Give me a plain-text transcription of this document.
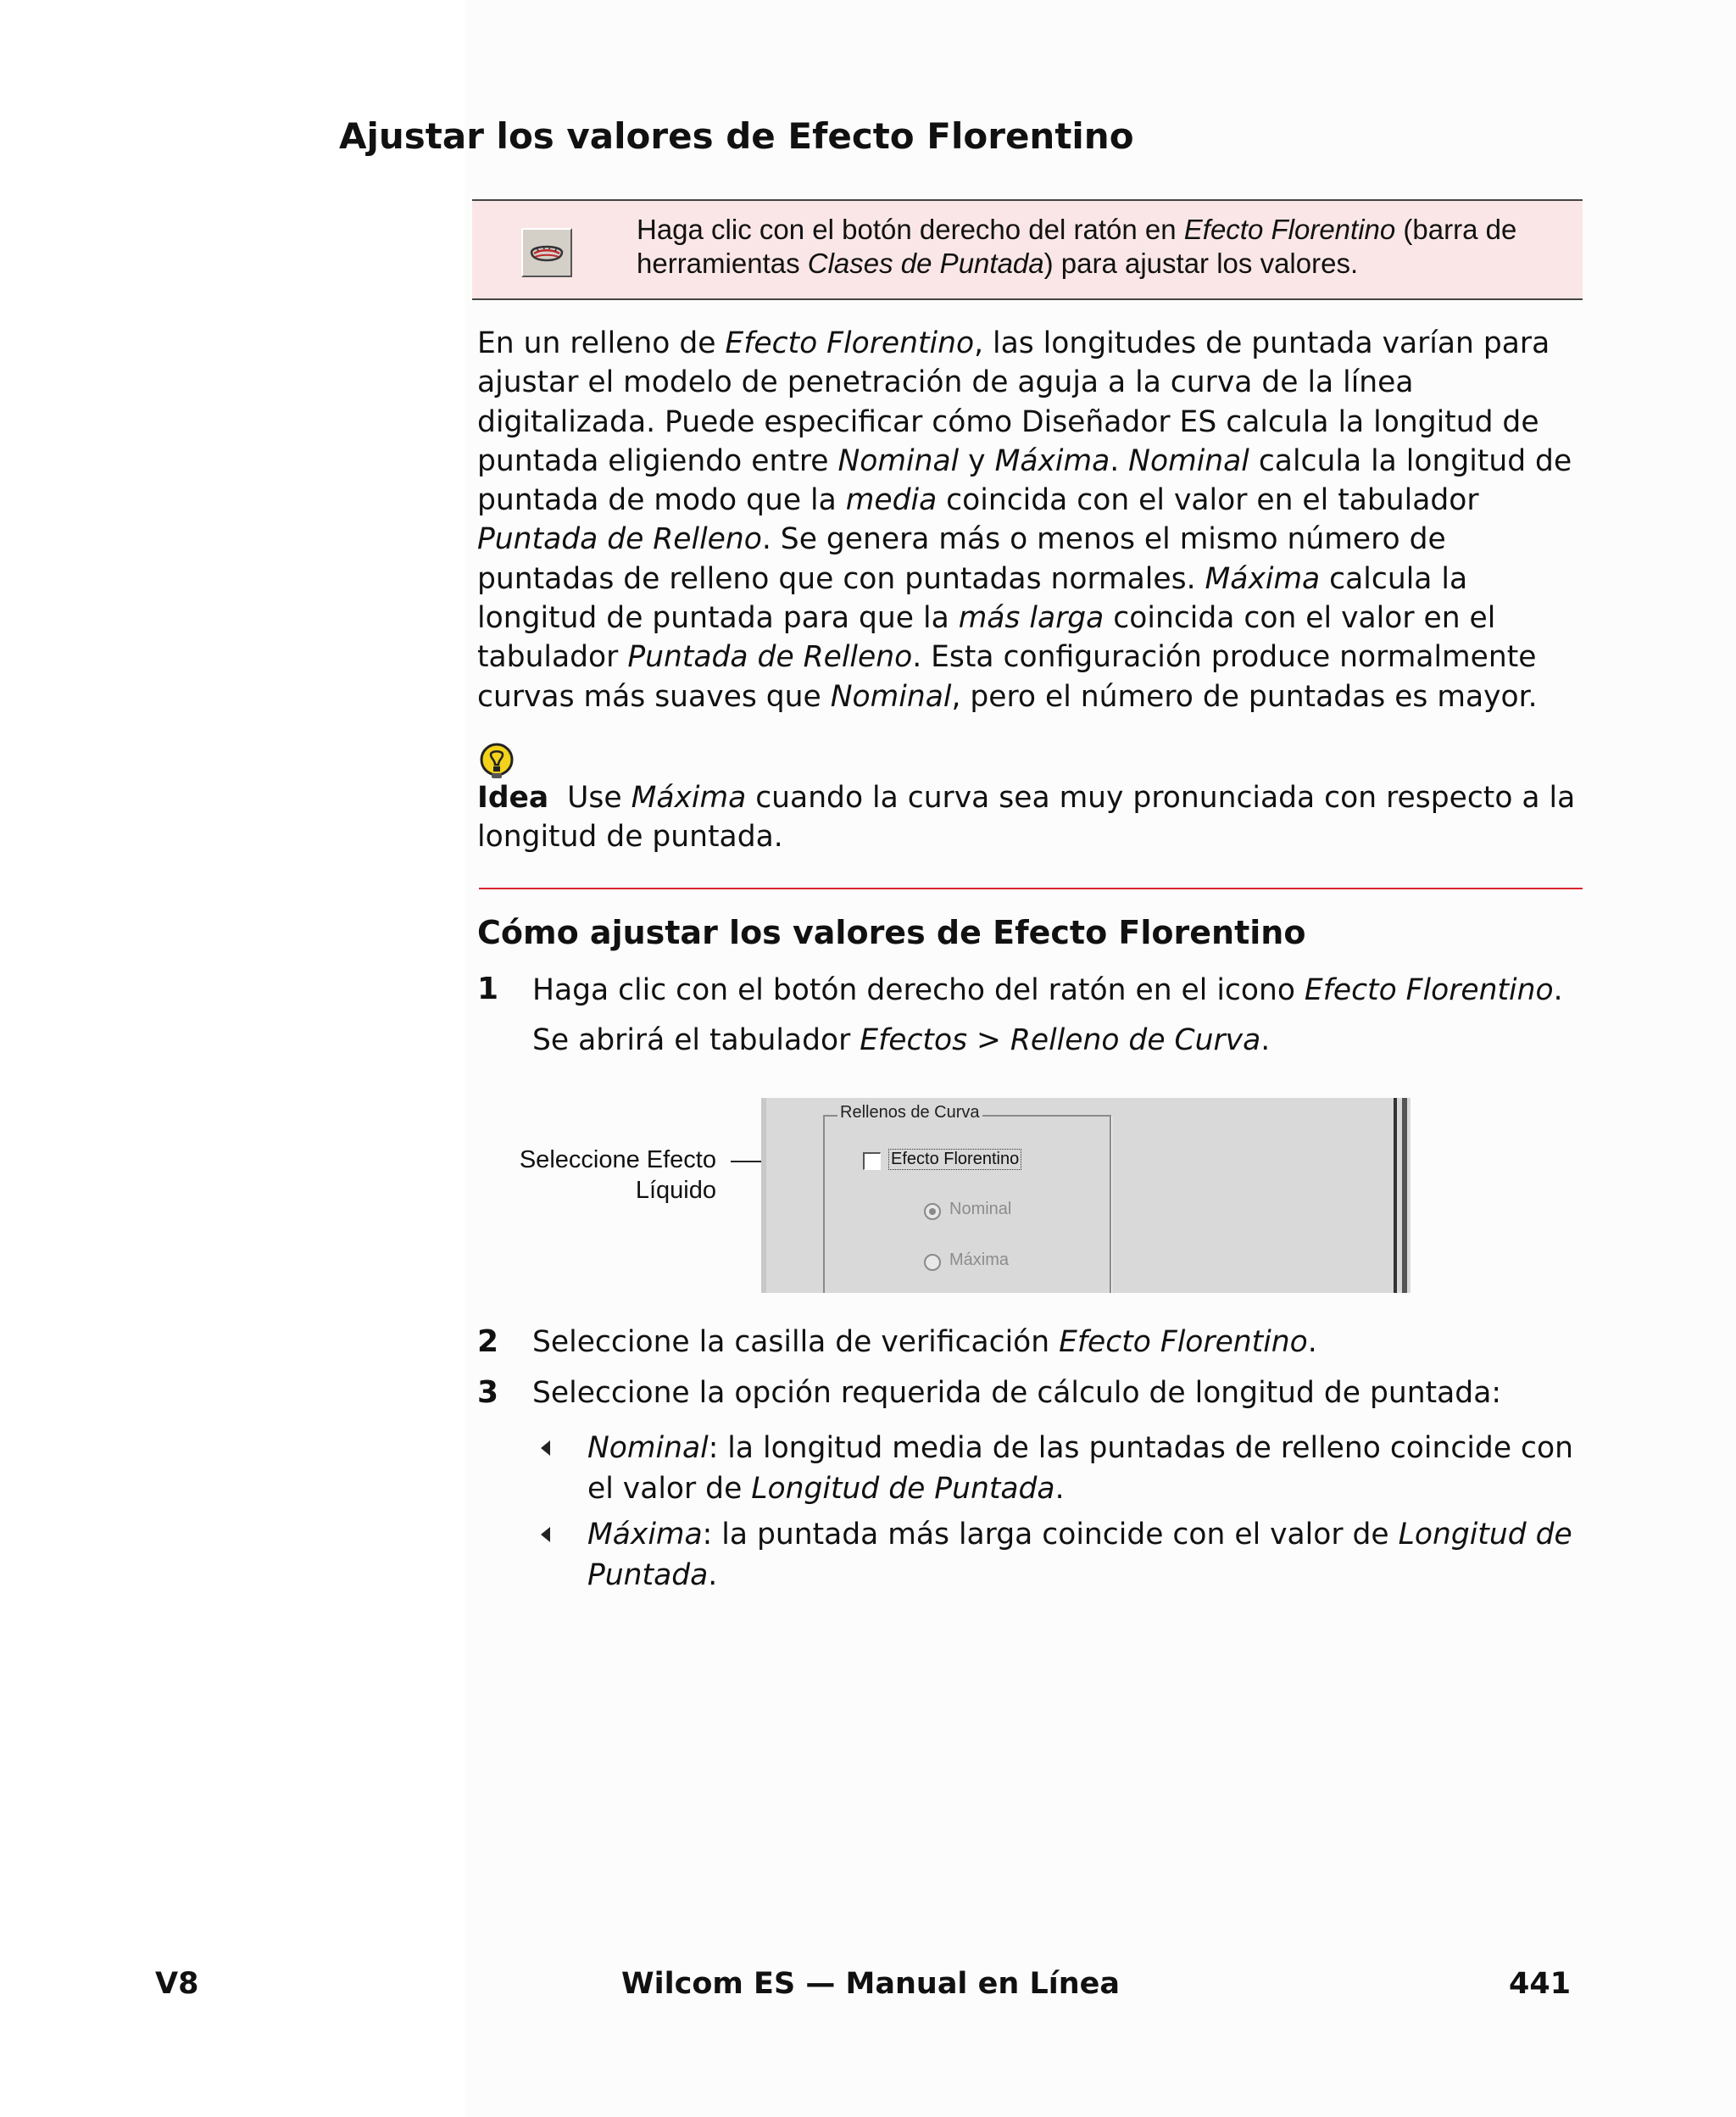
Ajustar los valores de Efecto Florentino
Haga clic con el botón derecho del ratón en Efecto Florentino (barra de herramientas Clases de Puntada) para ajustar los valores.

En un relleno de Efecto Florentino, las longitudes de puntada varían para ajustar el modelo de penetración de aguja a la curva de la línea digitalizada. Puede especificar cómo Diseñador ES calcula la longitud de puntada eligiendo entre Nominal y Máxima. Nominal calcula la longitud de puntada de modo que la media coincida con el valor en el tabulador Puntada de Relleno. Se genera más o menos el mismo número de puntadas de relleno que con puntadas normales. Máxima calcula la longitud de puntada para que la más larga coincida con el valor en el tabulador Puntada de Relleno. Esta configuración produce normalmente curvas más suaves que Nominal, pero el número de puntadas es mayor.

Idea  Use Máxima cuando la curva sea muy pronunciada con respecto a la longitud de puntada.

Cómo ajustar los valores de Efecto Florentino
1 Haga clic con el botón derecho del ratón en el icono Efecto Florentino.
Se abrirá el tabulador Efectos > Relleno de Curva.
Seleccione Efecto
Líquido
Rellenos de Curva
Efecto Florentino
Nominal
Máxima
2 Seleccione la casilla de verificación Efecto Florentino.
3 Seleccione la opción requerida de cálculo de longitud de puntada:
Nominal: la longitud media de las puntadas de relleno coincide con el valor de Longitud de Puntada.
Máxima: la puntada más larga coincide con el valor de Longitud de Puntada.
V8	Wilcom ES — Manual en Línea	441
